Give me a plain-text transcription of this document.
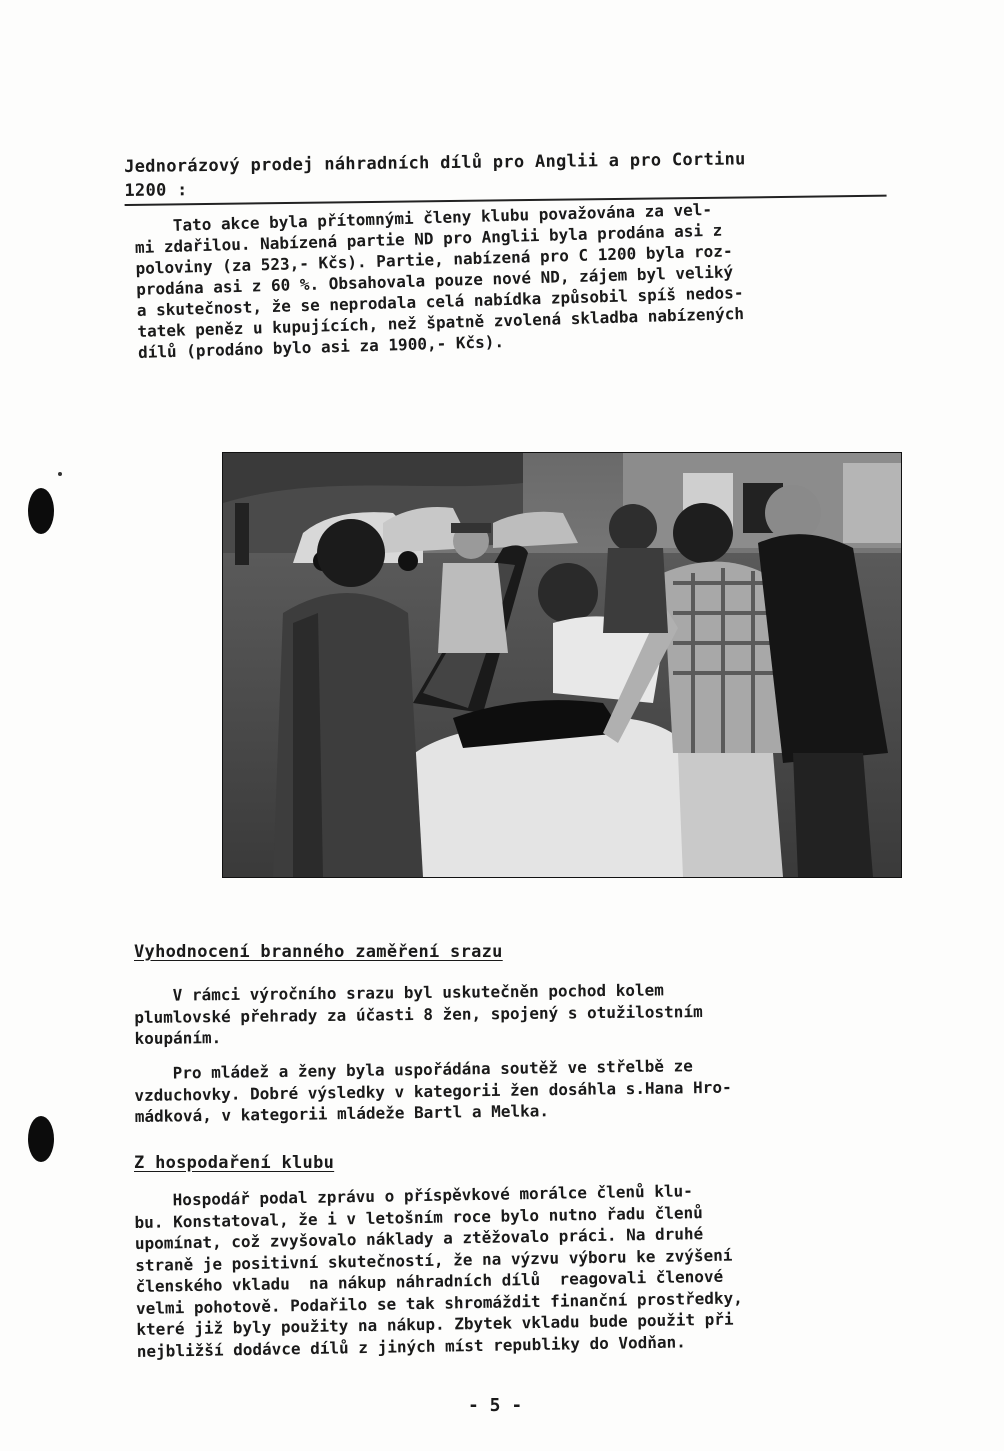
Jednorázový prodej náhradních dílů pro Anglii a pro Cortinu

1200 :

Tato akce byla přítomnými členy klubu považována za vel-
mi zdařilou. Nabízená partie ND pro Anglii byla prodána asi z
poloviny (za 523,- Kčs). Partie, nabízená pro C 1200 byla roz-
prodána asi z 60 %. Obsahovala pouze nové ND, zájem byl veliký
a skutečnost, že se neprodala celá nabídka způsobil spíš nedos-
tatek peněz u kupujících, než špatně zvolená skladba nabízených
dílů (prodáno bylo asi za 1900,- Kčs).

Vyhodnocení branného zaměření srazu

V rámci výročního srazu byl uskutečněn pochod kolem
plumlovské přehrady za účasti 8 žen, spojený s otužilostním
koupáním.

Pro mládež a ženy byla uspořádána soutěž ve střelbě ze
vzduchovky. Dobré výsledky v kategorii žen dosáhla s.Hana Hro-
mádková, v kategorii mládeže Bartl a Melka.

Z hospodaření klubu

Hospodář podal zprávu o příspěvkové morálce členů klu-
bu. Konstatoval, že i v letošním roce bylo nutno řadu členů
upomínat, což zvyšovalo náklady a ztěžovalo práci. Na druhé
straně je positivní skutečností, že na výzvu výboru ke zvýšení
členského vkladu  na nákup náhradních dílů  reagovali členové
velmi pohotově. Podařilo se tak shromáždit finanční prostředky,
které již byly použity na nákup. Zbytek vkladu bude použit při
nejbližší dodávce dílů z jiných míst republiky do Vodňan.

- 5 -
